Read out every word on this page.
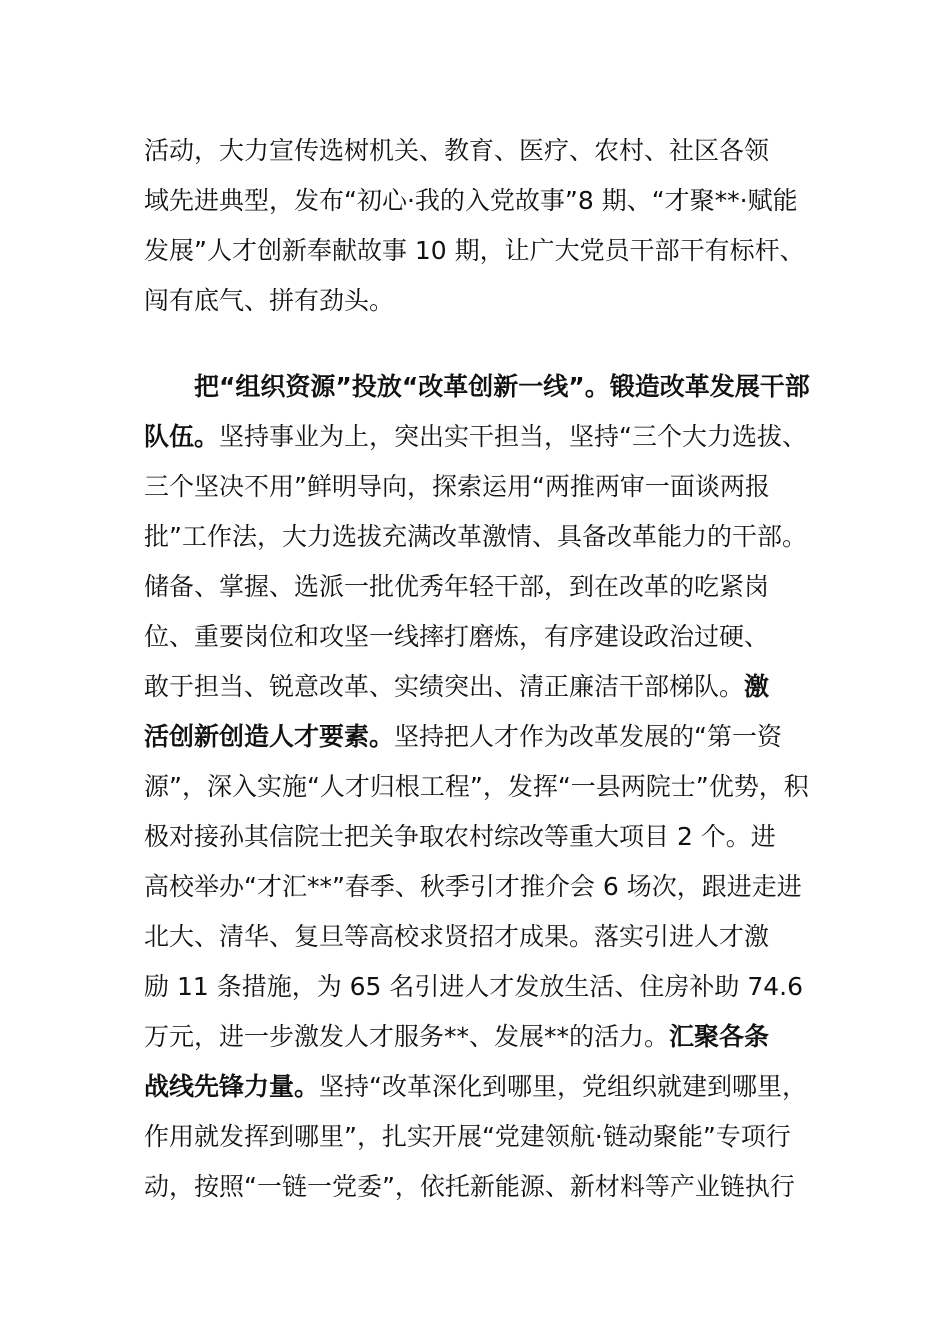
活动，大力宣传选树机关、教育、医疗、农村、社区各领
域先进典型，发布“初心·我的入党故事”8 期、“才聚**·赋能
发展”人才创新奉献故事 10 期，让广大党员干部干有标杆、
闯有底气、拼有劲头。
把“组织资源”投放“改革创新一线”。锻造改革发展干部
队伍。坚持事业为上，突出实干担当，坚持“三个大力选拔、
三个坚决不用”鲜明导向，探索运用“两推两审一面谈两报
批”工作法，大力选拔充满改革激情、具备改革能力的干部。
储备、掌握、选派一批优秀年轻干部，到在改革的吃紧岗
位、重要岗位和攻坚一线摔打磨炼，有序建设政治过硬、
敢于担当、锐意改革、实绩突出、清正廉洁干部梯队。激
活创新创造人才要素。坚持把人才作为改革发展的“第一资
源”，深入实施“人才归根工程”，发挥“一县两院士”优势，积
极对接孙其信院士把关争取农村综改等重大项目 2 个。进
高校举办“才汇**”春季、秋季引才推介会 6 场次，跟进走进
北大、清华、复旦等高校求贤招才成果。落实引进人才激
励 11 条措施，为 65 名引进人才发放生活、住房补助 74.6
万元，进一步激发人才服务**、发展**的活力。汇聚各条
战线先锋力量。坚持“改革深化到哪里，党组织就建到哪里，
作用就发挥到哪里”，扎实开展“党建领航·链动聚能”专项行
动，按照“一链一党委”，依托新能源、新材料等产业链执行
